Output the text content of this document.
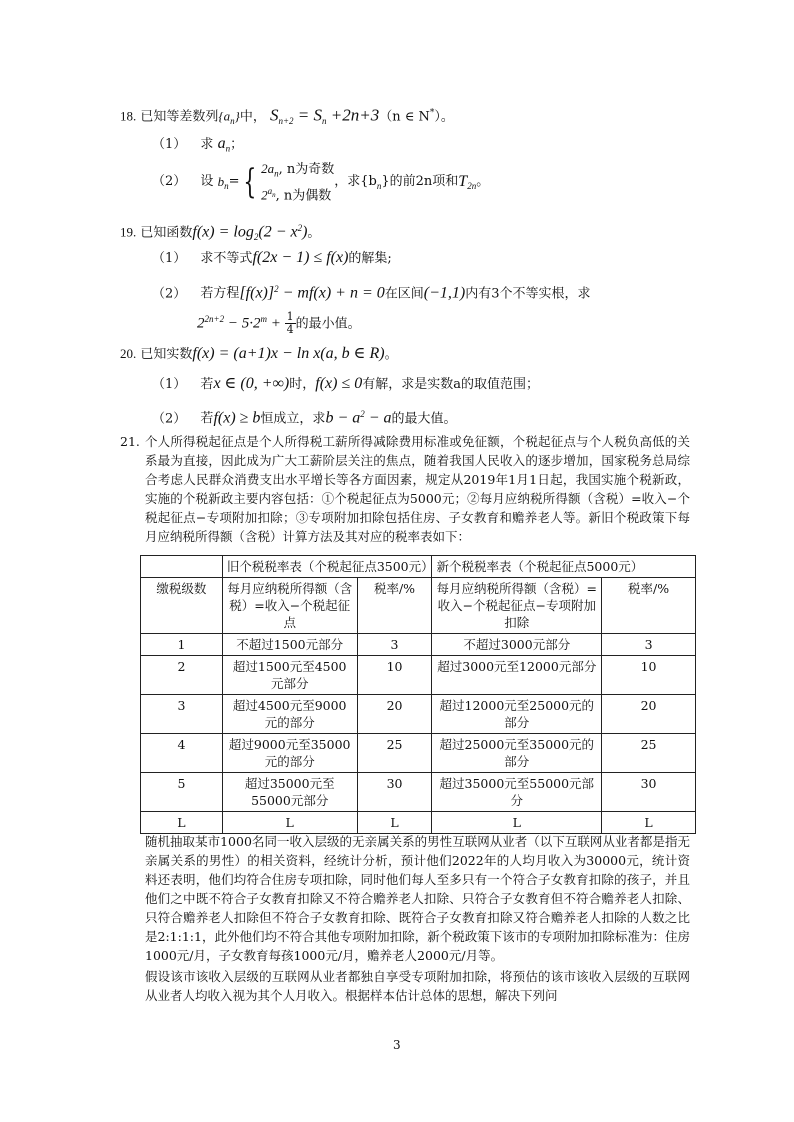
18. 已知等差数列$\{a_n\}$中， $S_{n+2} = S_n +2n+3(n$ ∈ N*）。
（1） 求 $a_n$；
（2） 设 $b_n=${ $2a_n$, n为奇数
$2^{a_n}$, n为偶数
，求$\{b_n\}$的前2n项和$T_{2n}$。
19. 已知函数$f(x) = \log_2(2 - x^2)$。
（1） 求不等式f(2x − 1) ≤ f(x)的解集;
（2） 若方程$[f(x)]^2 - mf(x) + n = 0$在区间(−1,1)内有3个不等实根，求
$2^{2n+2} - 5\cdot 2^m + \frac{1}{4}$ 的最小值。
20. 已知实数f(x) = (a+1)x − ln x(a, b ∈ R)。
（1） 若x ∈ (0, +∞)时，f(x) ≤ 0有解，求是实数a的取值范围；
（2） 若f(x) ≥ b恒成立，求$b - a^2 - a$的最大值。
21. 个人所得税起征点是个人所得税工薪所得减除费用标准或免征额，个税起征点与个人税负高低的关系最为直接，因此成为广大工薪阶层关注的焦点，随着我国人民收入的逐步增加，国家税务总局综合考虑人民群众消费支出水平增长等各方面因素，规定从2019年1月1日起，我国实施个税新政，实施的个税新政主要内容包括：①个税起征点为5000元；②每月应纳税所得额（含税）=收入−个税起征点−专项附加扣除；③专项附加扣除包括住房、子女教育和赡养老人等。新旧个税政策下每月应纳税所得额（含税）计算方法及其对应的税率表如下：
	旧个税税率表（个税起征点3500元）		新个税税率表（个税起征点5000元）	
缴税级数	每月应纳税所得额（含税）=收入−个税起征点	税率/%	每月应纳税所得额（含税）=收入−个税起征点−专项附加扣除	税率/%
1	不超过1500元部分	3	不超过3000元部分	3
2	超过1500元至4500元部分	10	超过3000元至12000元部分	10
3	超过4500元至9000元的部分	20	超过12000元至25000元的部分	20
4	超过9000元至35000元的部分	25	超过25000元至35000元的部分	25
5	超过35000元至55000元部分	30	超过35000元至55000元部分	30
L	L	L	L	L
随机抽取某市1000名同一收入层级的无亲属关系的男性互联网从业者（以下互联网从业者都是指无亲属关系的男性）的相关资料，经统计分析，预计他们2022年的人均月收入为30000元，统计资料还表明，他们均符合住房专项扣除，同时他们每人至多只有一个符合子女教育扣除的孩子，并且他们之中既不符合子女教育扣除又不符合赡养老人扣除、只符合子女教育但不符合赡养老人扣除、只符合赡养老人扣除但不符合子女教育扣除、既符合子女教育扣除又符合赡养老人扣除的人数之比是2:1:1:1，此外他们均不符合其他专项附加扣除，新个税政策下该市的专项附加扣除标准为：住房1000元/月，子女教育每孩1000元/月，赡养老人2000元/月等。
假设该市该收入层级的互联网从业者都独自享受专项附加扣除，将预估的该市该收入层级的互联网从业者人均收入视为其个人月收入。根据样本估计总体的思想，解决下列问
3
